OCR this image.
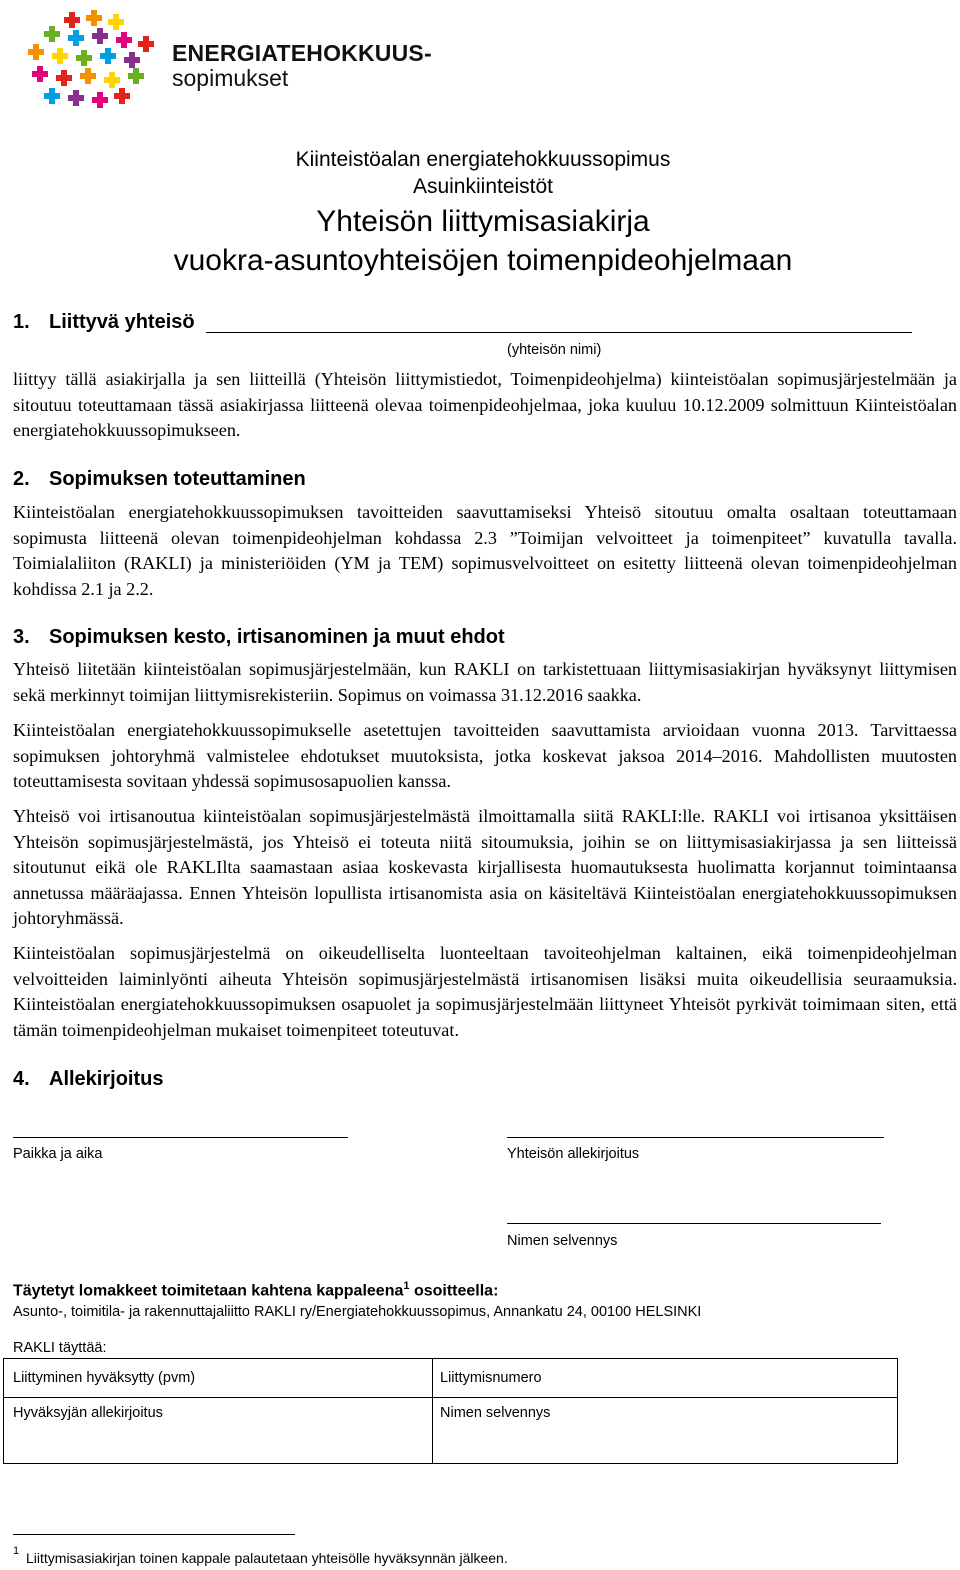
ENERGIATEHOKKUUS-
sopimukset
Kiinteistöalan energiatehokkuussopimus
Asuinkiinteistöt
Yhteisön liittymisasiakirja
vuokra-asuntoyhteisöjen toimenpideohjelmaan
1. Liittyvä yhteisö
(yhteisön nimi)
liittyy tällä asiakirjalla ja sen liitteillä (Yhteisön liittymistiedot, Toimenpideohjelma) kiinteistöalan sopimusjärjestelmään ja sitoutuu toteuttamaan tässä asiakirjassa liitteenä olevaa toimenpideohjelmaa, joka kuuluu 10.12.2009 solmittuun Kiinteistöalan energiatehokkuussopimukseen.
2. Sopimuksen toteuttaminen
Kiinteistöalan energiatehokkuussopimuksen tavoitteiden saavuttamiseksi Yhteisö sitoutuu omalta osaltaan toteuttamaan sopimusta liitteenä olevan toimenpideohjelman kohdassa 2.3 ”Toimijan velvoitteet ja toimenpiteet” kuvatulla tavalla. Toimialaliiton (RAKLI) ja ministeriöiden (YM ja TEM) sopimusvelvoitteet on esitetty liitteenä olevan toimenpideohjelman kohdissa 2.1 ja 2.2.
3. Sopimuksen kesto, irtisanominen ja muut ehdot
Yhteisö liitetään kiinteistöalan sopimusjärjestelmään, kun RAKLI on tarkistettuaan liittymisasiakirjan hyväksynyt liittymisen sekä merkinnyt toimijan liittymisrekisteriin. Sopimus on voimassa 31.12.2016 saakka.
Kiinteistöalan energiatehokkuussopimukselle asetettujen tavoitteiden saavuttamista arvioidaan vuonna 2013. Tarvittaessa sopimuksen johtoryhmä valmistelee ehdotukset muutoksista, jotka koskevat jaksoa 2014–2016. Mahdollisten muutosten toteuttamisesta sovitaan yhdessä sopimusosapuolien kanssa.
Yhteisö voi irtisanoutua kiinteistöalan sopimusjärjestelmästä ilmoittamalla siitä RAKLI:lle. RAKLI voi irtisanoa yksittäisen Yhteisön sopimusjärjestelmästä, jos Yhteisö ei toteuta niitä sitoumuksia, joihin se on liittymisasiakirjassa ja sen liitteissä sitoutunut eikä ole RAKLIlta saamastaan asiaa koskevasta kirjallisesta huomautuksesta huolimatta korjannut toimintaansa annetussa määräajassa. Ennen Yhteisön lopullista irtisanomista asia on käsiteltävä Kiinteistöalan energiatehokkuussopimuksen johtoryhmässä.
Kiinteistöalan sopimusjärjestelmä on oikeudelliselta luonteeltaan tavoiteohjelman kaltainen, eikä toimenpideohjelman velvoitteiden laiminlyönti aiheuta Yhteisön sopimusjärjestelmästä irtisanomisen lisäksi muita oikeudellisia seuraamuksia. Kiinteistöalan energiatehokkuussopimuksen osapuolet ja sopimusjärjestelmään liittyneet Yhteisöt pyrkivät toimimaan siten, että tämän toimenpideohjelman mukaiset toimenpiteet toteutuvat.
4. Allekirjoitus
Paikka ja aika	Yhteisön allekirjoitus
Nimen selvennys
Täytetyt lomakkeet toimitetaan kahtena kappaleena$^1$ osoitteella:
Asunto-, toimitila- ja rakennuttajaliitto RAKLI ry/Energiatehokkuussopimus, Annankatu 24, 00100 HELSINKI
RAKLI täyttää:
Liittyminen hyväksytty (pvm)	Liittymisnumero
Hyväksyjän allekirjoitus	Nimen selvennys
1 Liittymisasiakirjan toinen kappale palautetaan yhteisölle hyväksynnän jälkeen.
